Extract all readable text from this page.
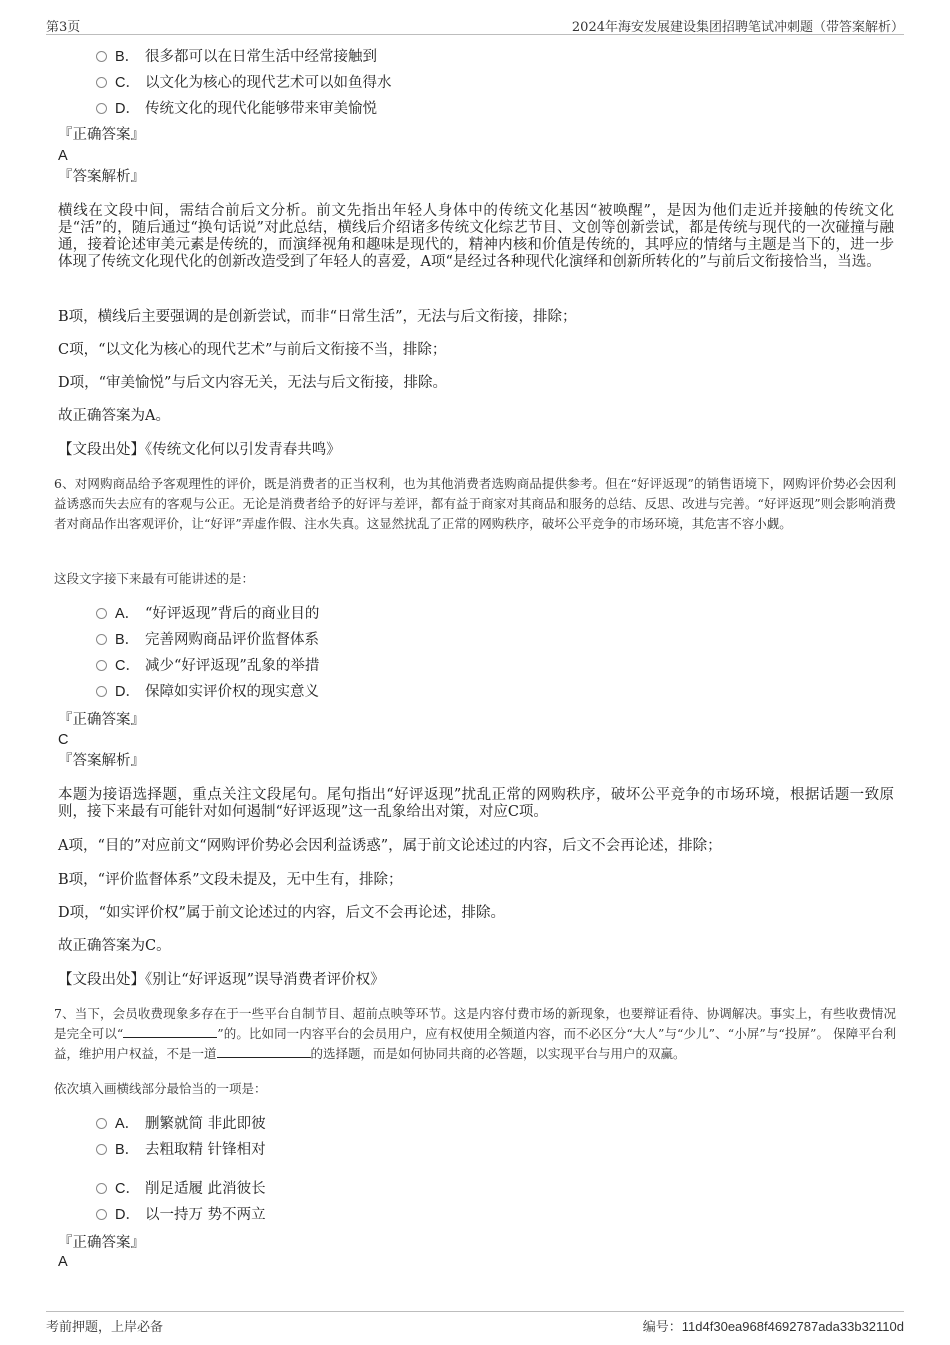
第3页	2024年海安发展建设集团招聘笔试冲刺题（带答案解析）
B． 很多都可以在日常生活中经常接触到
C． 以文化为核心的现代艺术可以如鱼得水
D． 传统文化的现代化能够带来审美愉悦
『正确答案』
A
『答案解析』
横线在文段中间，需结合前后文分析。前文先指出年轻人身体中的传统文化基因“被唤醒”，是因为他们走近并接触的传统文化是“活”的，随后通过“换句话说”对此总结，横线后介绍诸多传统文化综艺节目、文创等创新尝试，都是传统与现代的一次碰撞与融通，接着论述审美元素是传统的，而演绎视角和趣味是现代的，精神内核和价值是传统的，其呼应的情绪与主题是当下的，进一步体现了传统文化现代化的创新改造受到了年轻人的喜爱，A项“是经过各种现代化演绎和创新所转化的”与前后文衔接恰当，当选。
B项，横线后主要强调的是创新尝试，而非“日常生活”，无法与后文衔接，排除；
C项，“以文化为核心的现代艺术”与前后文衔接不当，排除；
D项，“审美愉悦”与后文内容无关，无法与后文衔接，排除。
故正确答案为A。
【文段出处】《传统文化何以引发青春共鸣》
6、对网购商品给予客观理性的评价，既是消费者的正当权利，也为其他消费者选购商品提供参考。但在“好评返现”的销售语境下，网购评价势必会因利益诱惑而失去应有的客观与公正。无论是消费者给予的好评与差评，都有益于商家对其商品和服务的总结、反思、改进与完善。“好评返现”则会影响消费者对商品作出客观评价，让“好评”弄虚作假、注水失真。这显然扰乱了正常的网购秩序，破坏公平竞争的市场环境，其危害不容小觑。
这段文字接下来最有可能讲述的是：
A． “好评返现”背后的商业目的
B． 完善网购商品评价监督体系
C． 减少“好评返现”乱象的举措
D． 保障如实评价权的现实意义
『正确答案』
C
『答案解析』
本题为接语选择题，重点关注文段尾句。尾句指出“好评返现”扰乱正常的网购秩序，破坏公平竞争的市场环境，根据话题一致原则，接下来最有可能针对如何遏制“好评返现”这一乱象给出对策，对应C项。
A项，“目的”对应前文“网购评价势必会因利益诱惑”，属于前文论述过的内容，后文不会再论述，排除；
B项，“评价监督体系”文段未提及，无中生有，排除；
D项，“如实评价权”属于前文论述过的内容，后文不会再论述，排除。
故正确答案为C。
【文段出处】《别让“好评返现”误导消费者评价权》
7、当下，会员收费现象多存在于一些平台自制节目、超前点映等环节。这是内容付费市场的新现象，也要辩证看待、协调解决。事实上，有些收费情况是完全可以“	”的。比如同一内容平台的会员用户，应有权使用全频道内容，而不必区分“大人”与“少儿”、“小屏”与“投屏”。 保障平台利益，维护用户权益，不是一道	的选择题，而是如何协同共商的必答题，以实现平台与用户的双赢。
依次填入画横线部分最恰当的一项是：
A． 删繁就简 非此即彼
B． 去粗取精 针锋相对
C． 削足适履 此消彼长
D． 以一持万 势不两立
『正确答案』
A
考前押题，上岸必备	编号：11d4f30ea968f4692787ada33b32110d
